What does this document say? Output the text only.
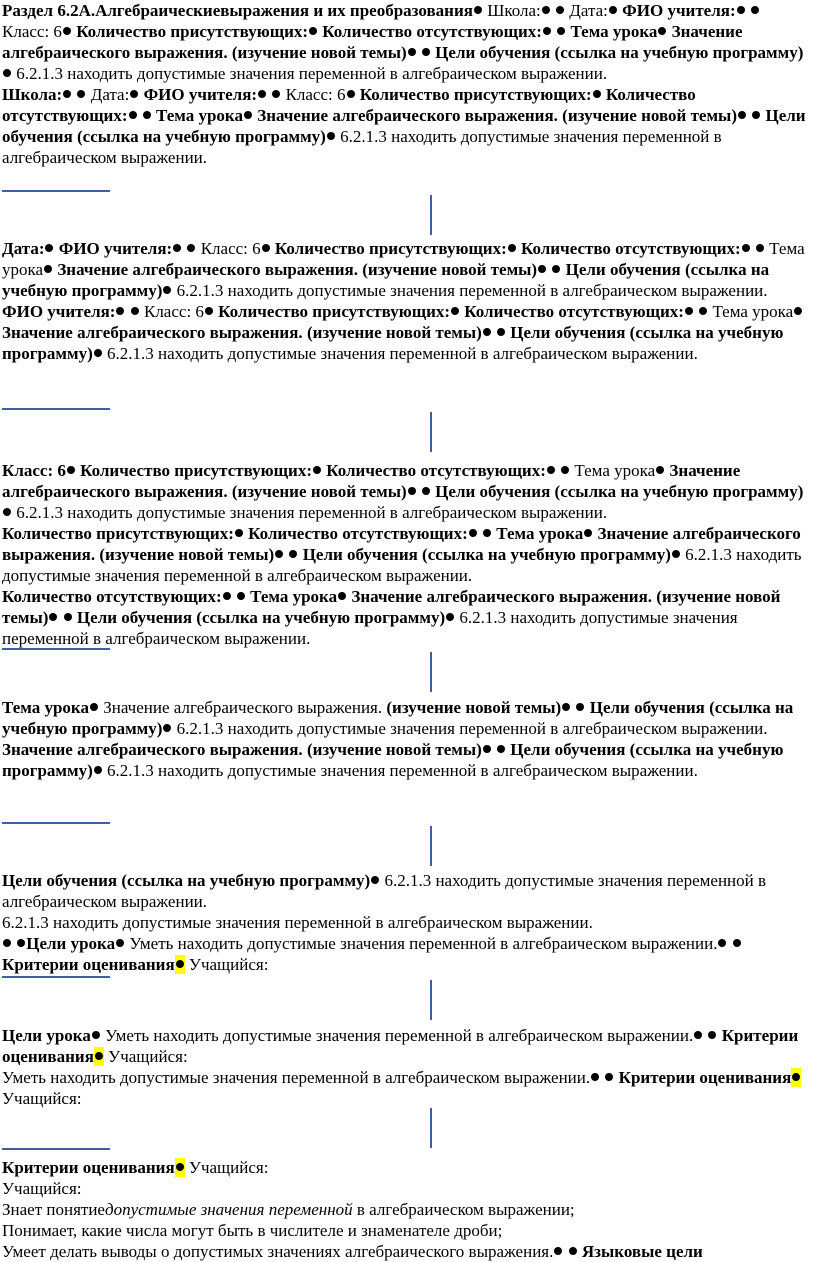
Раздел 6.2А.Алгебраическиевыражения и их преобразования Школа: Дата: ФИО учителя:  Класс: 6 Количество присутствующих: Количество отсутствующих: Тема урока Значение алгебраического выражения. (изучение новой темы) Цели обучения (ссылка на учебную программу) 6.2.1.3 находить допустимые значения переменной в алгебраическом выражении.

Школа: Дата: ФИО учителя: Класс: 6 Количество присутствующих: Количество отсутствующих: Тема урока Значение алгебраического выражения. (изучение новой темы) Цели обучения (ссылка на учебную программу) 6.2.1.3 находить допустимые значения переменной в алгебраическом выражении.

Дата: ФИО учителя: Класс: 6 Количество присутствующих: Количество отсутствующих: Тема урока Значение алгебраического выражения. (изучение новой темы) Цели обучения (ссылка на учебную программу) 6.2.1.3 находить допустимые значения переменной в алгебраическом выражении.

ФИО учителя: Класс: 6 Количество присутствующих: Количество отсутствующих: Тема урока Значение алгебраического выражения. (изучение новой темы) Цели обучения (ссылка на учебную программу) 6.2.1.3 находить допустимые значения переменной в алгебраическом выражении.

Класс: 6 Количество присутствующих: Количество отсутствующих: Тема урока Значение алгебраического выражения. (изучение новой темы) Цели обучения (ссылка на учебную программу) 6.2.1.3 находить допустимые значения переменной в алгебраическом выражении.

Количество присутствующих: Количество отсутствующих: Тема урока Значение алгебраического выражения. (изучение новой темы) Цели обучения (ссылка на учебную программу) 6.2.1.3 находить допустимые значения переменной в алгебраическом выражении.

Количество отсутствующих: Тема урока Значение алгебраического выражения. (изучение новой темы) Цели обучения (ссылка на учебную программу) 6.2.1.3 находить допустимые значения переменной в алгебраическом выражении.

Тема урока Значение алгебраического выражения. (изучение новой темы) Цели обучения (ссылка на учебную программу) 6.2.1.3 находить допустимые значения переменной в алгебраическом выражении.

Значение алгебраического выражения. (изучение новой темы) Цели обучения (ссылка на учебную программу) 6.2.1.3 находить допустимые значения переменной в алгебраическом выражении.

Цели обучения (ссылка на учебную программу) 6.2.1.3 находить допустимые значения переменной в алгебраическом выражении.

6.2.1.3 находить допустимые значения переменной в алгебраическом выражении.

Цели урока Уметь находить допустимые значения переменной в алгебраическом выражении.  Критерии оценивания Учащийся:

Цели урока Уметь находить допустимые значения переменной в алгебраическом выражении. Критерии оценивания Учащийся:

Уметь находить допустимые значения переменной в алгебраическом выражении. Критерии оценивания Учащийся:

Критерии оценивания Учащийся:

Учащийся:

Знает понятиедопустимые значения переменной в алгебраическом выражении;

Понимает, какие числа могут быть в числителе и знаменателе дроби;

Умеет делать выводы о допустимых значениях алгебраического выражения. Языковые цели
